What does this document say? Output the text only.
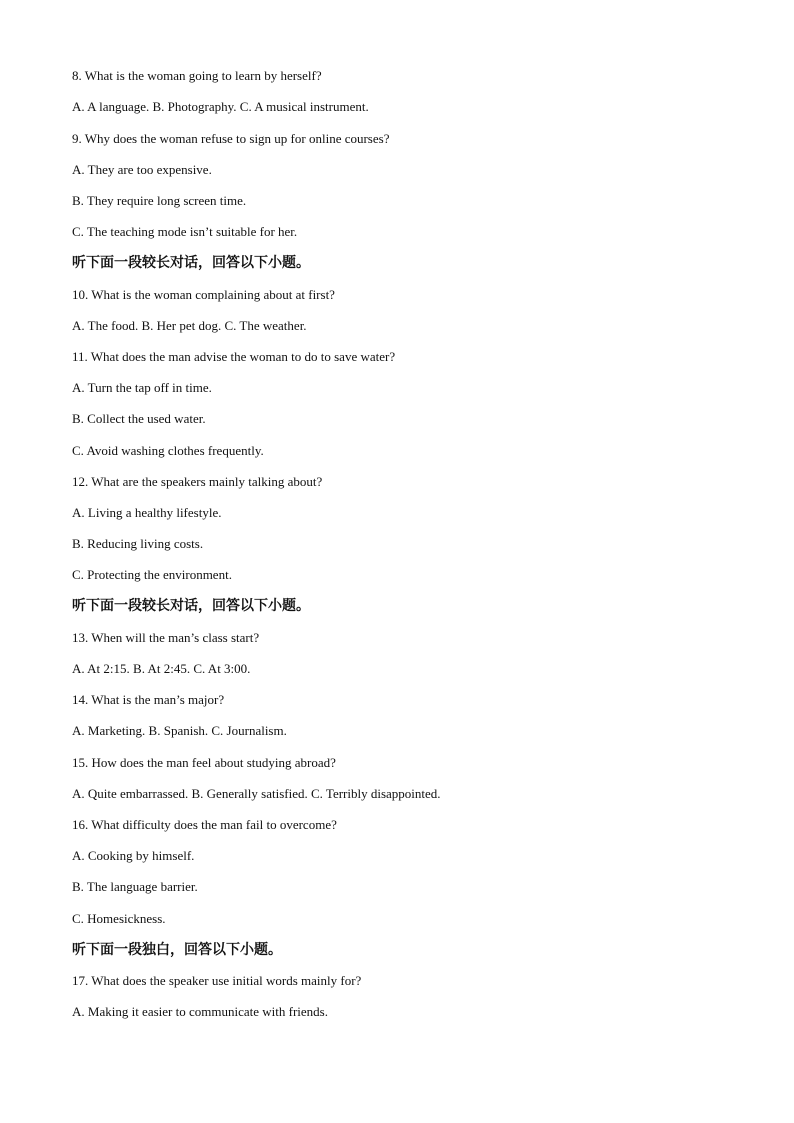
8. What is the woman going to learn by herself?
A. A language. B. Photography. C. A musical instrument.
9. Why does the woman refuse to sign up for online courses?
A. They are too expensive.
B. They require long screen time.
C. The teaching mode isn’t suitable for her.
听下面一段较长对话，回答以下小题。
10. What is the woman complaining about at first?
A. The food. B. Her pet dog. C. The weather.
11. What does the man advise the woman to do to save water?
A. Turn the tap off in time.
B. Collect the used water.
C. Avoid washing clothes frequently.
12. What are the speakers mainly talking about?
A. Living a healthy lifestyle.
B. Reducing living costs.
C. Protecting the environment.
听下面一段较长对话，回答以下小题。
13. When will the man’s class start?
A. At 2:15. B. At 2:45. C. At 3:00.
14. What is the man’s major?
A. Marketing. B. Spanish. C. Journalism.
15. How does the man feel about studying abroad?
A. Quite embarrassed. B. Generally satisfied. C. Terribly disappointed.
16. What difficulty does the man fail to overcome?
A. Cooking by himself.
B. The language barrier.
C. Homesickness.
听下面一段独白，回答以下小题。
17. What does the speaker use initial words mainly for?
A. Making it easier to communicate with friends.
